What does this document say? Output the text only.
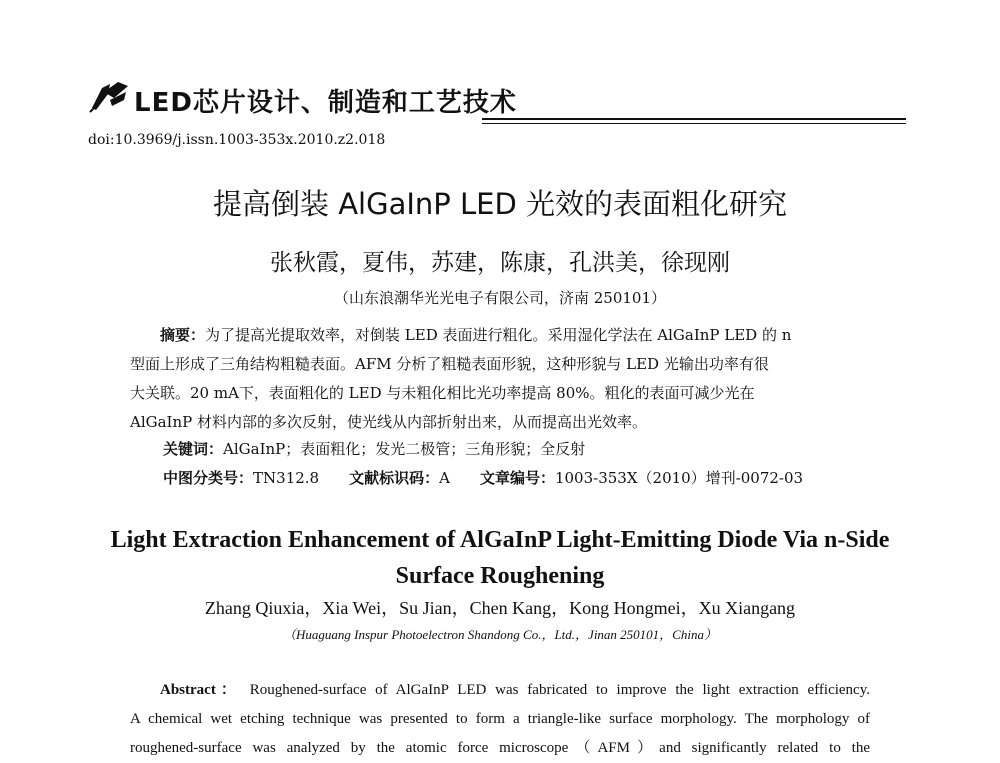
LED芯片设计、制造和工艺技术
doi:10.3969/j.issn.1003-353x.2010.z2.018
提高倒装 AlGaInP LED 光效的表面粗化研究
张秋霞，夏伟，苏建，陈康，孔洪美，徐现刚
（山东浪潮华光光电子有限公司，济南 250101）
摘要：为了提高光提取效率，对倒装 LED 表面进行粗化。采用湿化学法在 AlGaInP LED 的 n
型面上形成了三角结构粗糙表面。AFM 分析了粗糙表面形貌，这种形貌与 LED 光输出功率有很
大关联。20 mA下，表面粗化的 LED 与未粗化相比光功率提高 80%。粗化的表面可减少光在
AlGaInP 材料内部的多次反射，使光线从内部折射出来，从而提高出光效率。
关键词：AlGaInP；表面粗化；发光二极管；三角形貌；全反射
中图分类号：TN312.8 文献标识码：A 文章编号：1003-353X（2010）增刊-0072-03
Light Extraction Enhancement of AlGaInP Light-Emitting Diode Via n-Side
Surface Roughening
Zhang Qiuxia，Xia Wei，Su Jian，Chen Kang，Kong Hongmei，Xu Xiangang
（Huaguang Inspur Photoelectron Shandong Co.，Ltd.，Jinan 250101，China）
Abstract： Roughened-surface of AlGaInP LED was fabricated to improve the light extraction efficiency.
A chemical wet etching technique was presented to form a triangle-like surface morphology. The morphology of
roughened-surface was analyzed by the atomic force microscope（AFM）and significantly related to the
